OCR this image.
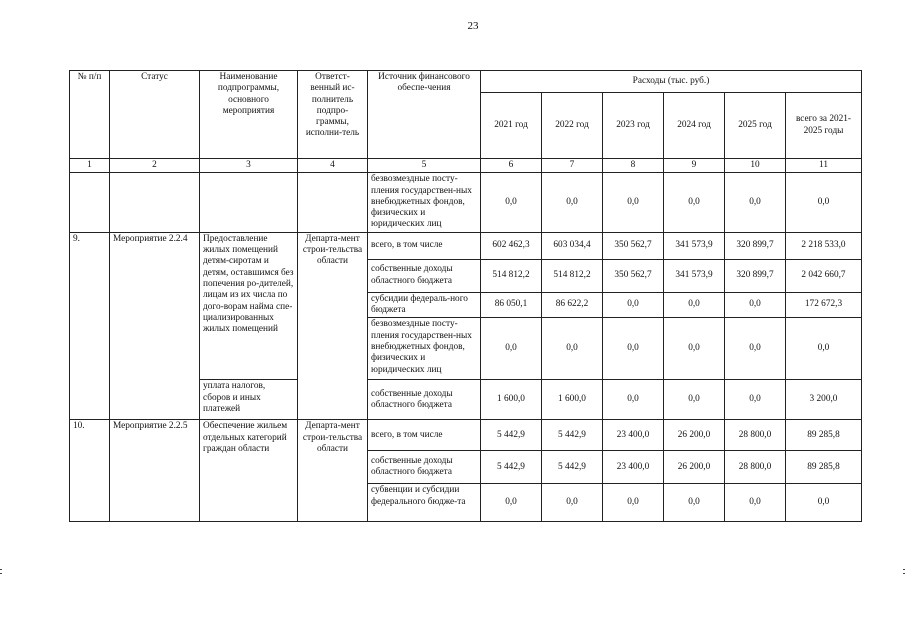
23
№ п/п	Статус	Наименование подпрограммы, основного мероприятия	Ответст-венный ис-полнитель подпро-граммы, исполни-тель	Источник финансового обеспе-чения	Расходы (тыс. руб.)					
					2021 год	2022 год	2023 год	2024 год	2025 год	всего за 2021-2025 годы
1	2	3	4	5	6	7	8	9	10	11
				безвозмездные посту-пления государствен-ных внебюджетных фондов, физических и юридических лиц	0,0	0,0	0,0	0,0	0,0	0,0
9.	Мероприятие 2.2.4	Предоставление жилых помещений детям-сиротам и детям, оставшимся без попечения ро-дителей, лицам из их числа по дого-ворам найма спе-циализированных жилых помещений	Департа-мент строи-тельства области	всего, в том числе	602 462,3	603 034,4	350 562,7	341 573,9	320 899,7	2 218 533,0
				собственные доходы областного бюджета	514 812,2	514 812,2	350 562,7	341 573,9	320 899,7	2 042 660,7
				субсидии федераль-ного бюджета	86 050,1	86 622,2	0,0	0,0	0,0	172 672,3
				безвозмездные посту-пления государствен-ных внебюджетных фондов, физических и юридических лиц	0,0	0,0	0,0	0,0	0,0	0,0
		уплата налогов, сборов и иных платежей		собственные доходы областного бюджета	1 600,0	1 600,0	0,0	0,0	0,0	3 200,0
10.	Мероприятие 2.2.5	Обеспечение жильем отдельных категорий граждан области	Департа-мент строи-тельства области	всего, в том числе	5 442,9	5 442,9	23 400,0	26 200,0	28 800,0	89 285,8
				собственные доходы областного бюджета	5 442,9	5 442,9	23 400,0	26 200,0	28 800,0	89 285,8
				субвенции и субсидии федерального бюдже-та	0,0	0,0	0,0	0,0	0,0	0,0
